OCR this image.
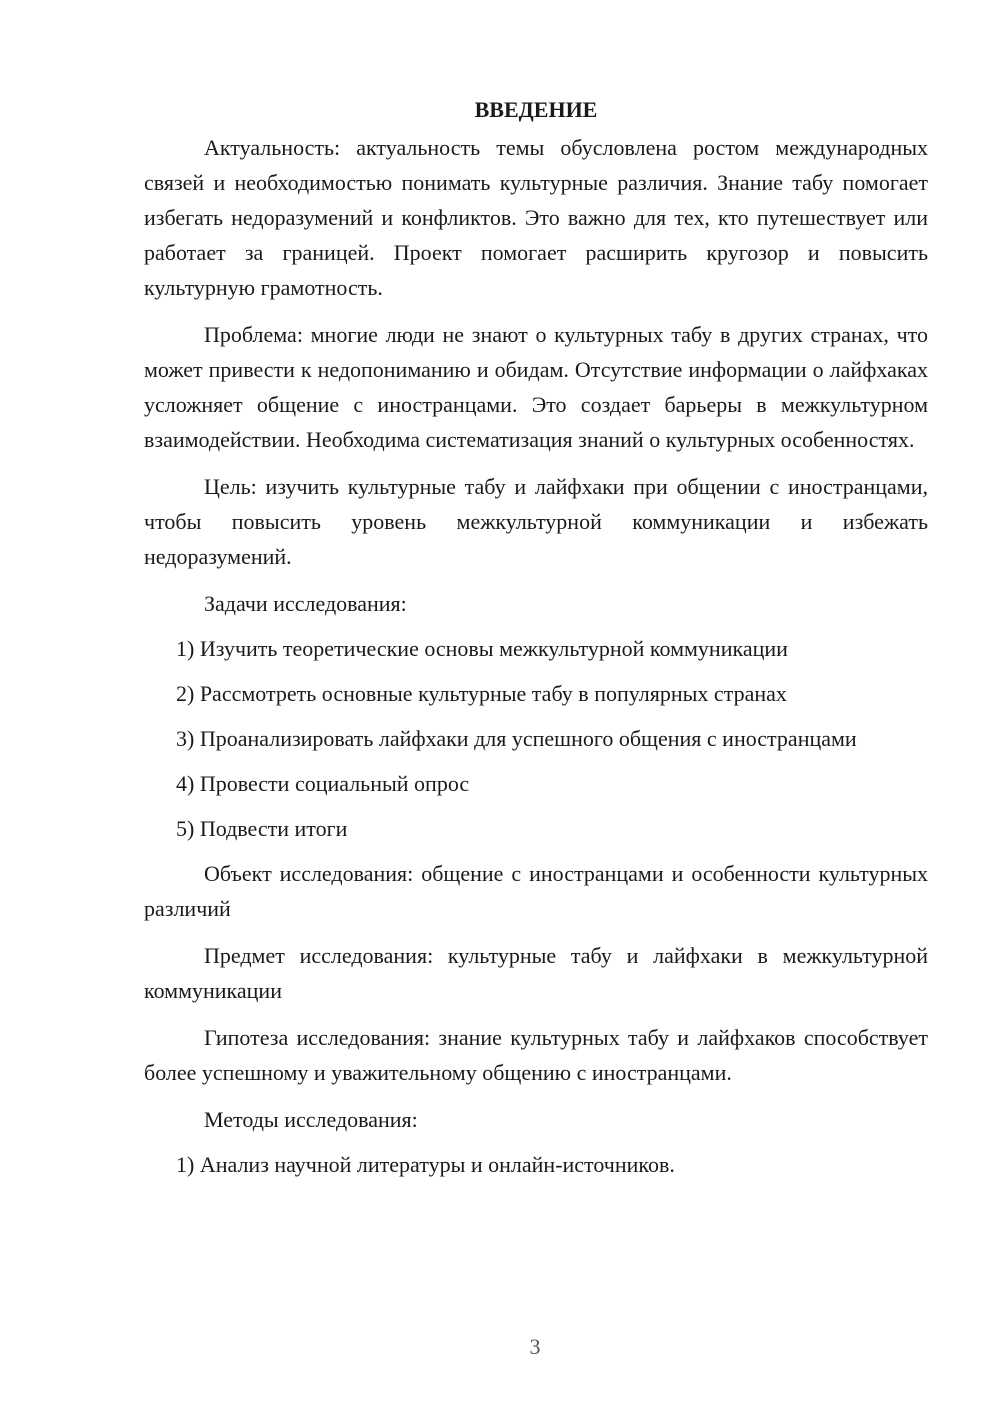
ВВЕДЕНИЕ

Актуальность: актуальность темы обусловлена ростом международных связей и необходимостью понимать культурные различия. Знание табу помогает избегать недоразумений и конфликтов. Это важно для тех, кто путешествует или работает за границей. Проект помогает расширить кругозор и повысить культурную грамотность.

Проблема: многие люди не знают о культурных табу в других странах, что может привести к недопониманию и обидам. Отсутствие информации о лайфхаках усложняет общение с иностранцами. Это создает барьеры в межкультурном взаимодействии. Необходима систематизация знаний о культурных особенностях.

Цель: изучить культурные табу и лайфхаки при общении с иностранцами, чтобы повысить уровень межкультурной коммуникации и избежать недоразумений.

Задачи исследования:

1) Изучить теоретические основы межкультурной коммуникации

2) Рассмотреть основные культурные табу в популярных странах

3) Проанализировать лайфхаки для успешного общения с иностранцами

4) Провести социальный опрос

5) Подвести итоги

Объект исследования: общение с иностранцами и особенности культурных различий

Предмет исследования: культурные табу и лайфхаки в межкультурной коммуникации

Гипотеза исследования: знание культурных табу и лайфхаков способствует более успешному и уважительному общению с иностранцами.

Методы исследования:

1) Анализ научной литературы и онлайн-источников.

3
